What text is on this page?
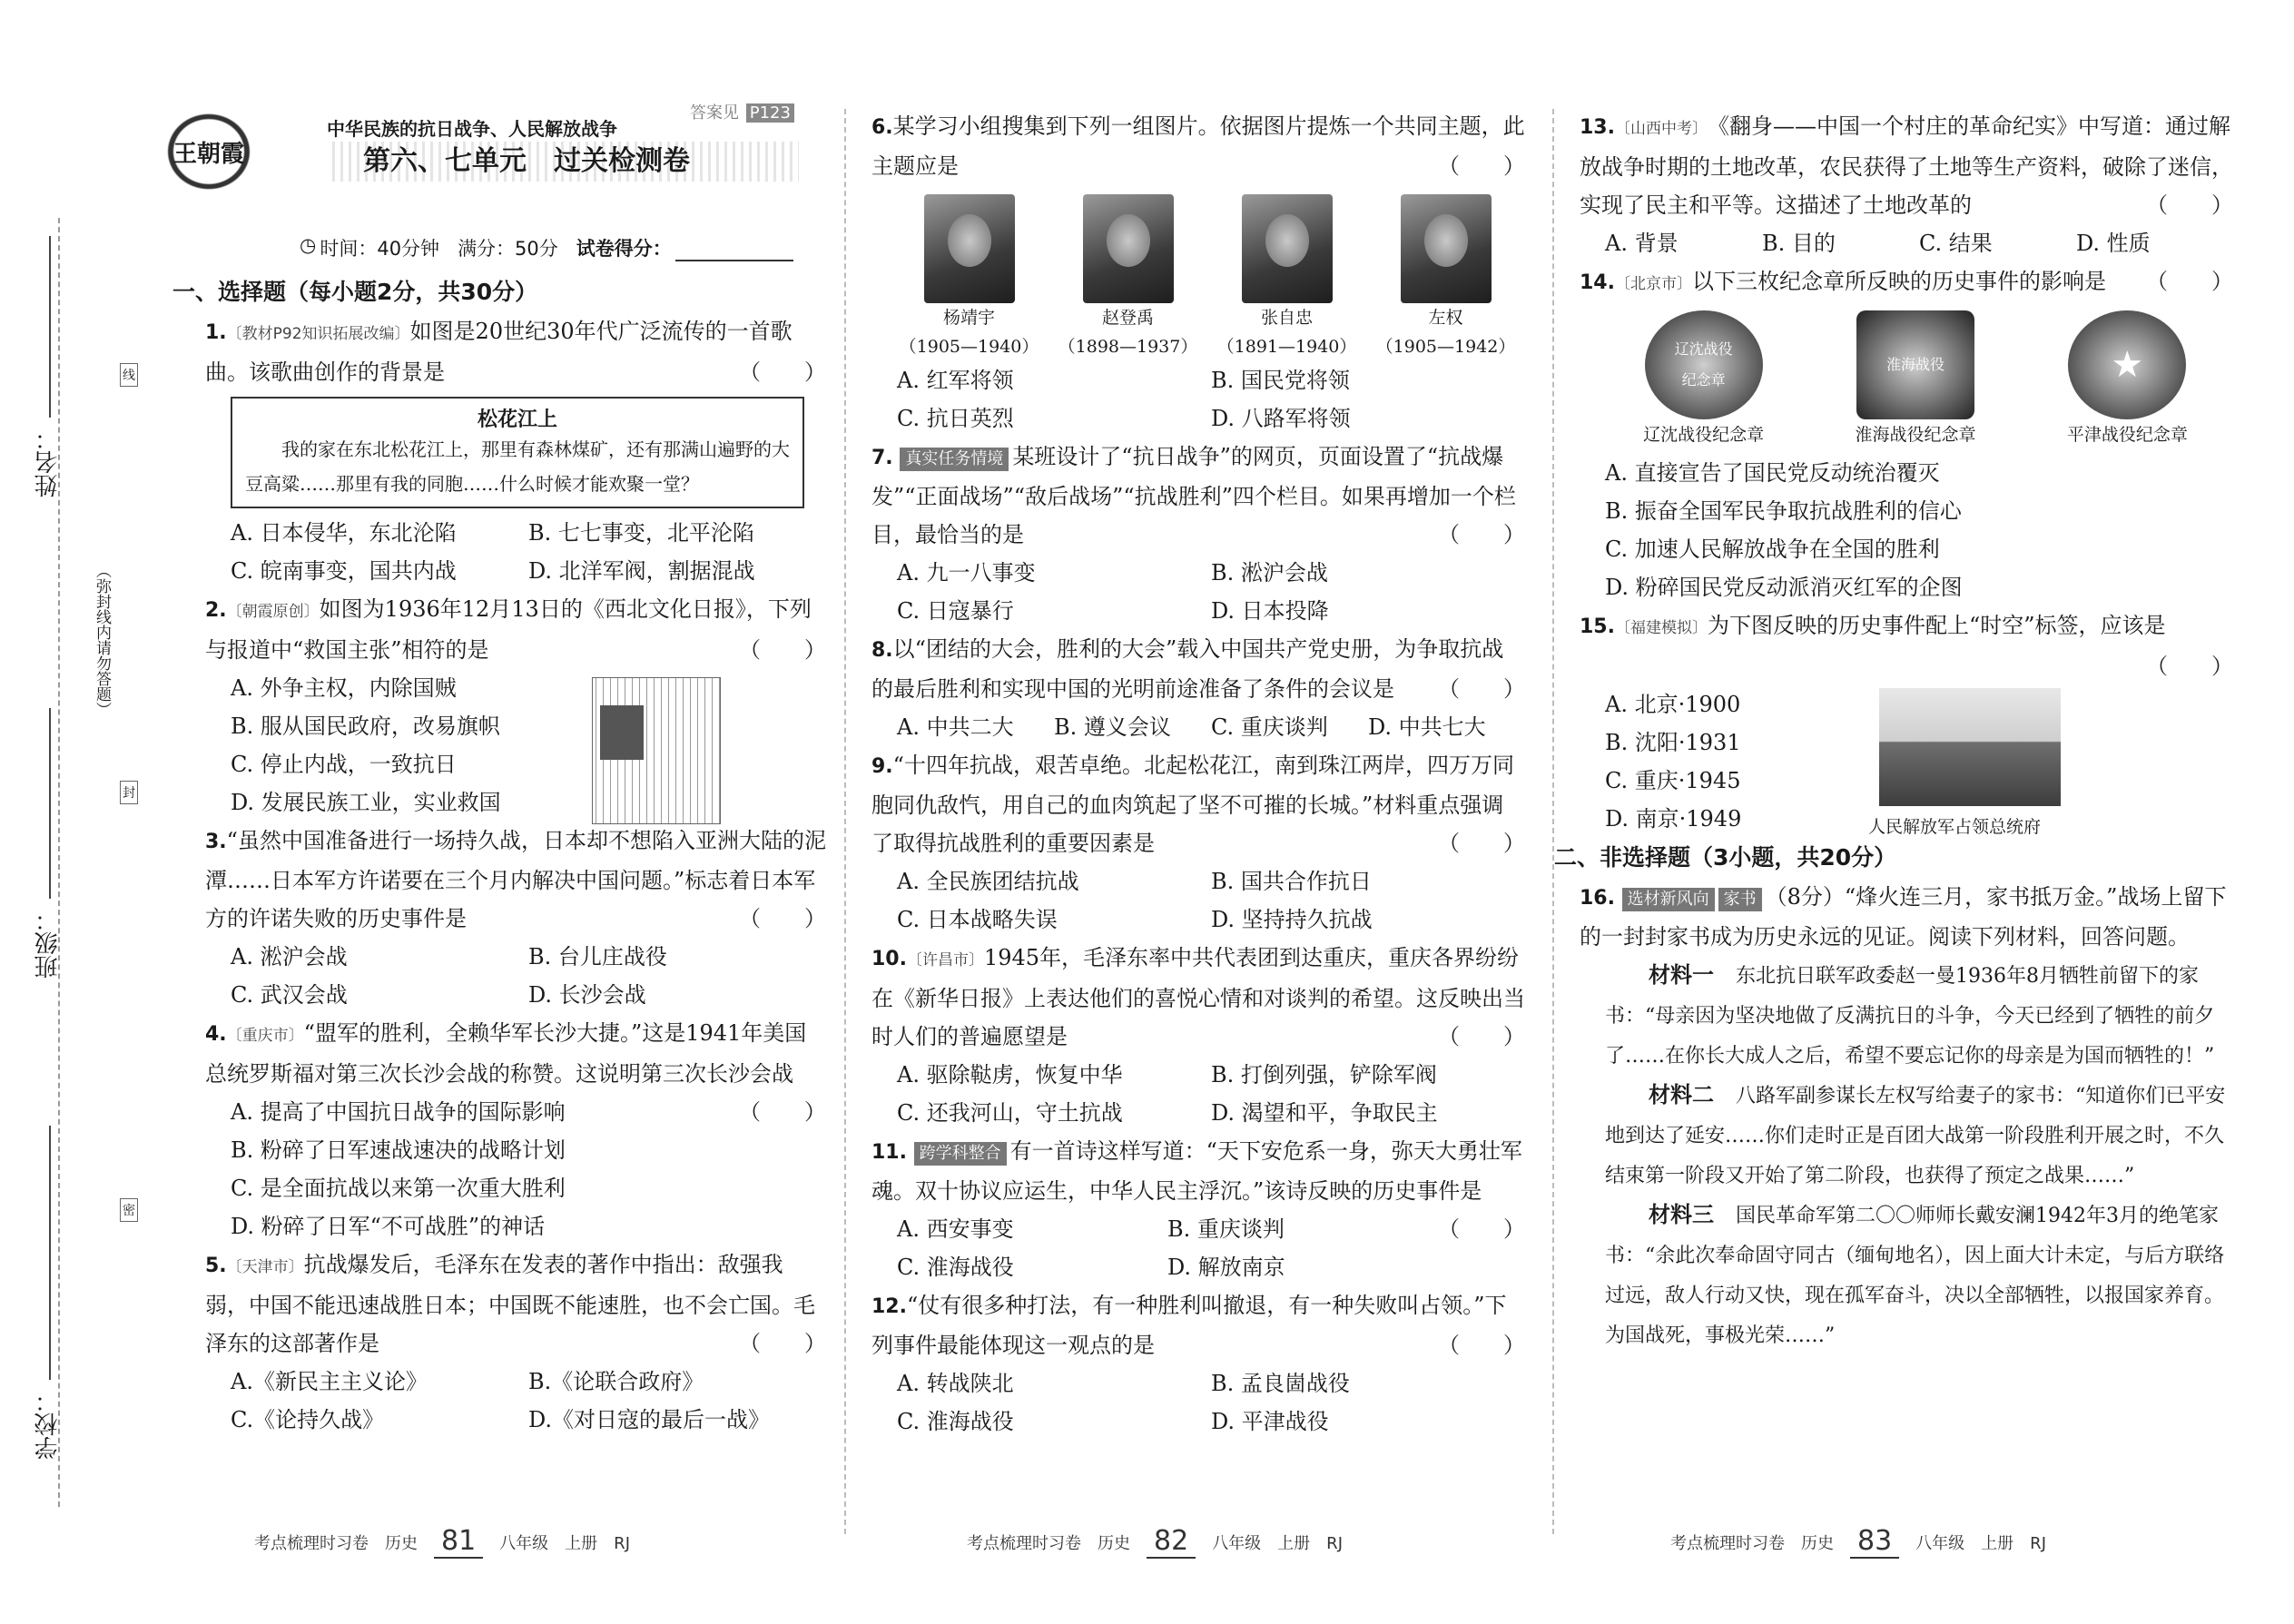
姓名：
班级：
学校：
（弥封线内请勿答题）
线
封
密
王朝霞
中华民族的抗日战争、人民解放战争
答案见 P123
第六、七单元　过关检测卷
◷ 时间：40分钟 满分：50分 试卷得分：
一、选择题（每小题2分，共30分）

1.〔教材P92知识拓展改编〕如图是20世纪30年代广泛流传的一首歌曲。该歌曲创作的背景是	（　　）

松花江上
我的家在东北松花江上，那里有森林煤矿，还有那满山遍野的大豆高粱……那里有我的同胞……什么时候才能欢聚一堂？
A. 日本侵华，东北沦陷	B. 七七事变，北平沦陷
C. 皖南事变，国共内战	D. 北洋军阀，割据混战

2.〔朝霞原创〕如图为1936年12月13日的《西北文化日报》，下列与报道中“救国主张”相符的是	（　　）

A. 外争主权，内除国贼
B. 服从国民政府，改易旗帜
C. 停止内战，一致抗日
D. 发展民族工业，实业救国

3.“虽然中国准备进行一场持久战，日本却不想陷入亚洲大陆的泥潭……日本军方许诺要在三个月内解决中国问题。”标志着日本军方的许诺失败的历史事件是	（　　）

A. 淞沪会战	B. 台儿庄战役
C. 武汉会战	D. 长沙会战

4.〔重庆市〕“盟军的胜利，全赖华军长沙大捷。”这是1941年美国总统罗斯福对第三次长沙会战的称赞。这说明第三次长沙会战
（　　）

A. 提高了中国抗日战争的国际影响
B. 粉碎了日军速战速决的战略计划
C. 是全面抗战以来第一次重大胜利
D. 粉碎了日军“不可战胜”的神话

5.〔天津市〕抗战爆发后，毛泽东在发表的著作中指出：敌强我弱，中国不能迅速战胜日本；中国既不能速胜，也不会亡国。毛泽东的这部著作是	（　　）

A.《新民主主义论》	B.《论联合政府》
C.《论持久战》	D.《对日寇的最后一战》

6.某学习小组搜集到下列一组图片。依据图片提炼一个共同主题，此主题应是	（　　）

杨靖宇
（1905—1940）
赵登禹
（1898—1937）
张自忠
（1891—1940）
左权
（1905—1942）
A. 红军将领	B. 国民党将领
C. 抗日英烈	D. 八路军将领

7. 真实任务情境 某班设计了“抗日战争”的网页，页面设置了“抗战爆发”“正面战场”“敌后战场”“抗战胜利”四个栏目。如果再增加一个栏目，最恰当的是	（　　）

A. 九一八事变	B. 淞沪会战
C. 日寇暴行	D. 日本投降

8.以“团结的大会，胜利的大会”载入中国共产党史册，为争取抗战的最后胜利和实现中国的光明前途准备了条件的会议是 （　　）

A. 中共二大	B. 遵义会议	C. 重庆谈判	D. 中共七大

9.“十四年抗战，艰苦卓绝。北起松花江，南到珠江两岸，四万万同胞同仇敌忾，用自己的血肉筑起了坚不可摧的长城。”材料重点强调了取得抗战胜利的重要因素是	（　　）

A. 全民族团结抗战	B. 国共合作抗日
C. 日本战略失误	D. 坚持持久抗战

10.〔许昌市〕1945年，毛泽东率中共代表团到达重庆，重庆各界纷纷在《新华日报》上表达他们的喜悦心情和对谈判的希望。这反映出当时人们的普遍愿望是	（　　）

A. 驱除鞑虏，恢复中华	B. 打倒列强，铲除军阀
C. 还我河山，守土抗战	D. 渴望和平，争取民主

11. 跨学科整合 有一首诗这样写道：“天下安危系一身，弥天大勇壮军魂。双十协议应运生，中华人民主浮沉。”该诗反映的历史事件是
（　　）

A. 西安事变	B. 重庆谈判
C. 淮海战役	D. 解放南京

12.“仗有很多种打法，有一种胜利叫撤退，有一种失败叫占领。”下列事件最能体现这一观点的是	（　　）

A. 转战陕北	B. 孟良崮战役
C. 淮海战役	D. 平津战役

13.〔山西中考〕《翻身——中国一个村庄的革命纪实》中写道：通过解放战争时期的土地改革，农民获得了土地等生产资料，破除了迷信，实现了民主和平等。这描述了土地改革的	（　　）

A. 背景	B. 目的	C. 结果	D. 性质

14.〔北京市〕以下三枚纪念章所反映的历史事件的影响是 （　　）

辽沈战役纪念章
辽沈战役纪念章
淮海战役
淮海战役纪念章
★
平津战役纪念章
A. 直接宣告了国民党反动统治覆灭
B. 振奋全国军民争取抗战胜利的信心
C. 加速人民解放战争在全国的胜利
D. 粉碎国民党反动派消灭红军的企图

15.〔福建模拟〕为下图反映的历史事件配上“时空”标签，应该是

（　　）

A. 北京·1900
B. 沈阳·1931
C. 重庆·1945
D. 南京·1949	人民解放军占领总统府
二、非选择题（3小题，共20分）

16. 选材新风向 家书 （8分）“烽火连三月，家书抵万金。”战场上留下的一封封家书成为历史永远的见证。阅读下列材料，回答问题。

材料一　 东北抗日联军政委赵一曼1936年8月牺牲前留下的家书：“母亲因为坚决地做了反满抗日的斗争，今天已经到了牺牲的前夕了……在你长大成人之后，希望不要忘记你的母亲是为国而牺牲的！”

材料二　 八路军副参谋长左权写给妻子的家书：“知道你们已平安地到达了延安……你们走时正是百团大战第一阶段胜利开展之时，不久结束第一阶段又开始了第二阶段，也获得了预定之战果……”

材料三　 国民革命军第二〇〇师师长戴安澜1942年3月的绝笔家书：“余此次奉命固守同古（缅甸地名），因上面大计未定，与后方联络过远，敌人行动又快，现在孤军奋斗，决以全部牺牲，以报国家养育。为国战死，事极光荣……”

考点梳理时习卷　历史 81	八年级　上册　RJ	考点梳理时习卷　历史 82	八年级　上册　RJ	考点梳理时习卷　历史 83	八年级　上册　RJ
